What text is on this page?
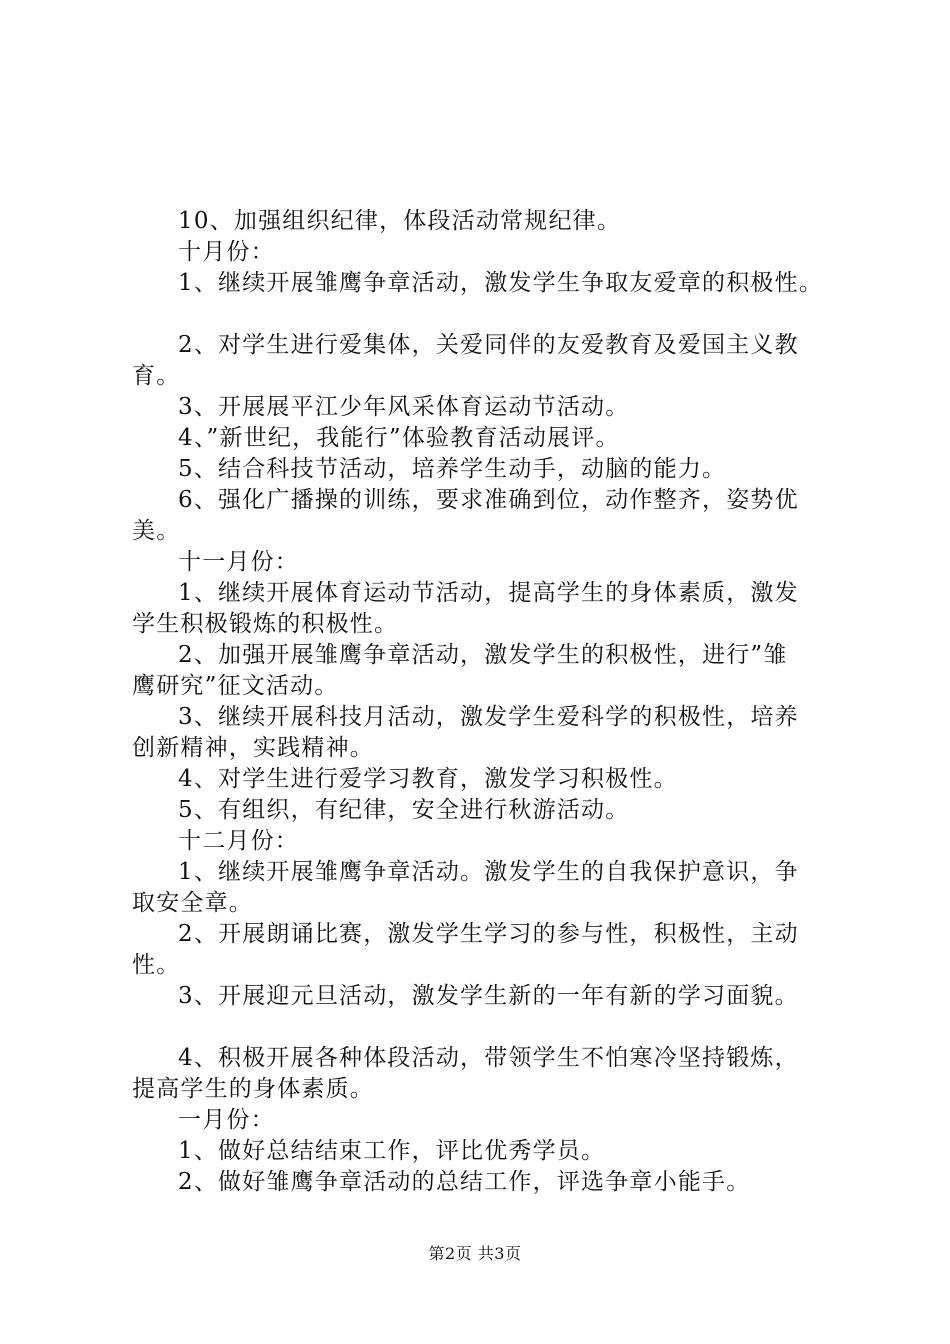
10、加强组织纪律，体段活动常规纪律。
十月份：
1、继续开展雏鹰争章活动，激发学生争取友爱章的积极性。
2、对学生进行爱集体，关爱同伴的友爱教育及爱国主义教
育。
3、开展展平江少年风采体育运动节活动。
4、”新世纪，我能行”体验教育活动展评。
5、结合科技节活动，培养学生动手，动脑的能力。
6、强化广播操的训练，要求准确到位，动作整齐，姿势优
美。
十一月份：
1、继续开展体育运动节活动，提高学生的身体素质，激发
学生积极锻炼的积极性。
2、加强开展雏鹰争章活动，激发学生的积极性，进行”雏
鹰研究”征文活动。
3、继续开展科技月活动，激发学生爱科学的积极性，培养
创新精神，实践精神。
4、对学生进行爱学习教育，激发学习积极性。
5、有组织，有纪律，安全进行秋游活动。
十二月份：
1、继续开展雏鹰争章活动。激发学生的自我保护意识，争
取安全章。
2、开展朗诵比赛，激发学生学习的参与性，积极性，主动
性。
3、开展迎元旦活动，激发学生新的一年有新的学习面貌。
4、积极开展各种体段活动，带领学生不怕寒冷坚持锻炼，
提高学生的身体素质。
一月份：
1、做好总结结束工作，评比优秀学员。
2、做好雏鹰争章活动的总结工作，评选争章小能手。
第2页 共3页
